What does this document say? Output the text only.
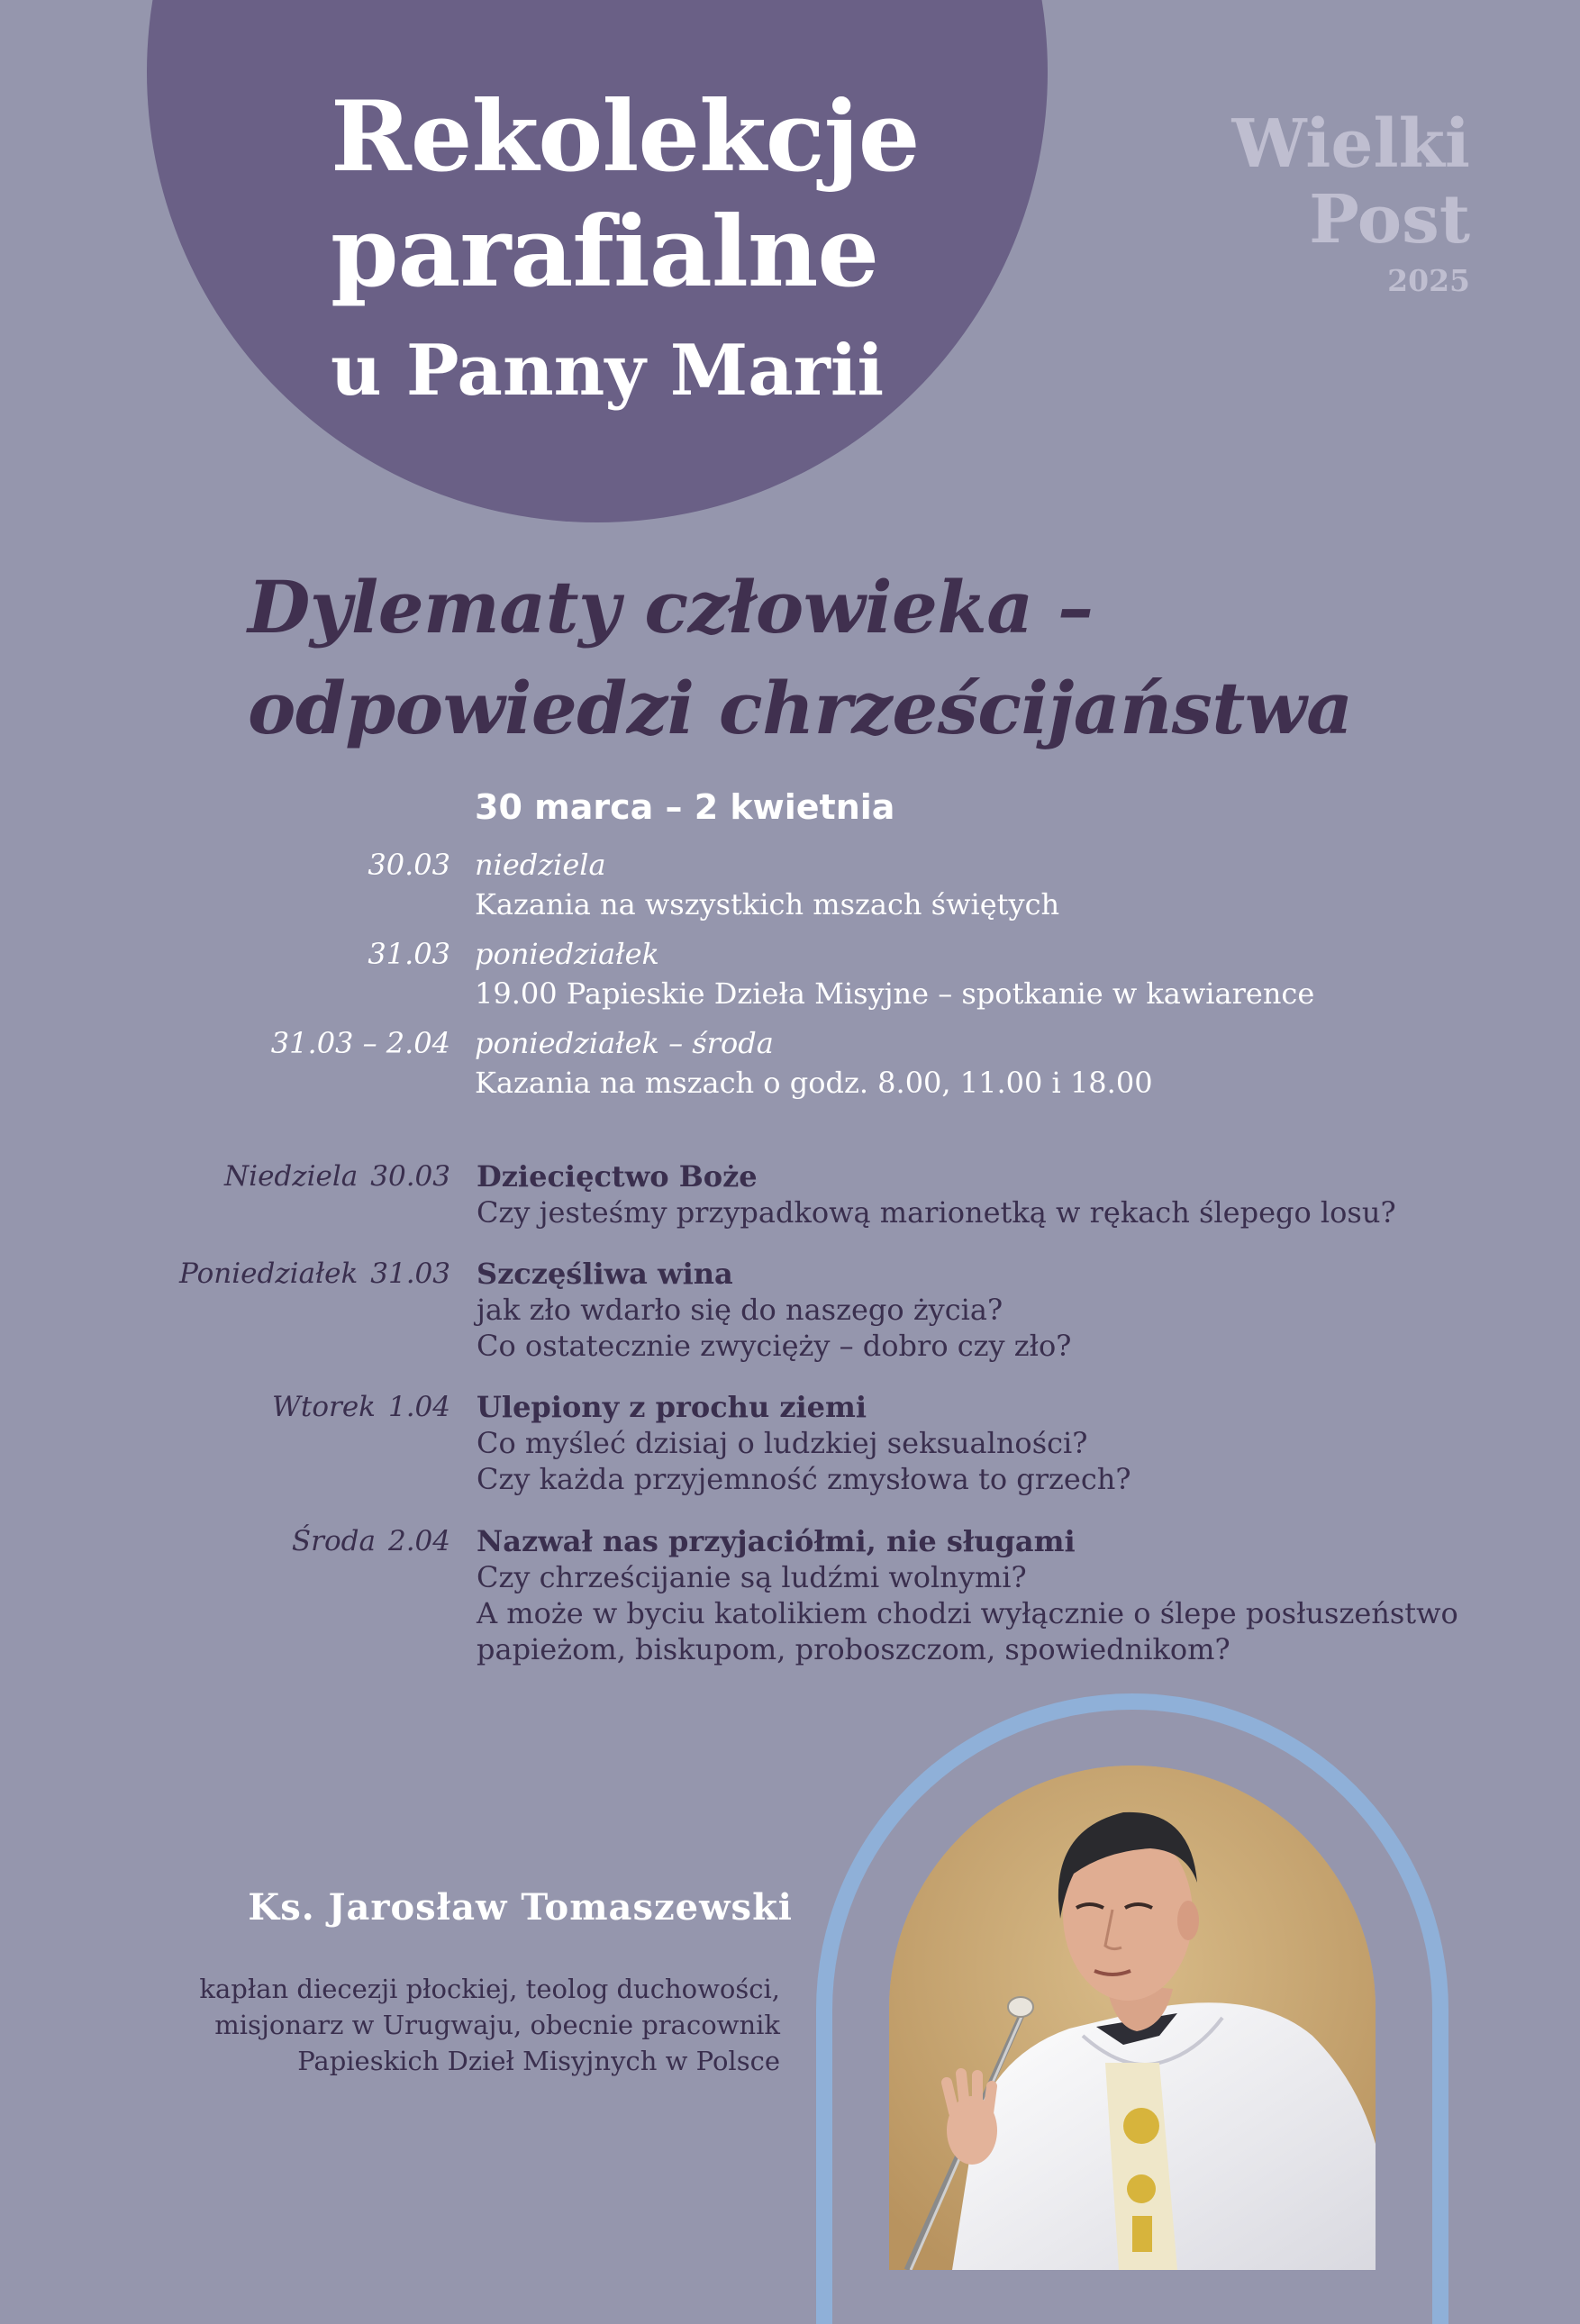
Rekolekcje
parafialne
u Panny Marii
Wielki
Post
2025
Dylematy człowieka –
odpowiedzi chrześcijaństwa
30 marca – 2 kwietnia
30.03 niedziela
Kazania na wszystkich mszach świętych
31.03 poniedziałek
19.00 Papieskie Dzieła Misyjne – spotkanie w kawiarence
31.03 – 2.04 poniedziałek – środa
Kazania na mszach o godz. 8.00, 11.00 i 18.00
Niedziela 30.03 Dziecięctwo Boże
Czy jesteśmy przypadkową marionetką w rękach ślepego losu?
Poniedziałek 31.03 Szczęśliwa wina
jak zło wdarło się do naszego życia?
Co ostatecznie zwycięży – dobro czy zło?
Wtorek 1.04 Ulepiony z prochu ziemi
Co myśleć dzisiaj o ludzkiej seksualności?
Czy każda przyjemność zmysłowa to grzech?
Środa 2.04 Nazwał nas przyjaciółmi, nie sługami
Czy chrześcijanie są ludźmi wolnymi?
A może w byciu katolikiem chodzi wyłącznie o ślepe posłuszeństwo
papieżom, biskupom, proboszczom, spowiednikom?
Ks. Jarosław Tomaszewski
kapłan diecezji płockiej, teolog duchowości,
misjonarz w Urugwaju, obecnie pracownik
Papieskich Dzieł Misyjnych w Polsce
